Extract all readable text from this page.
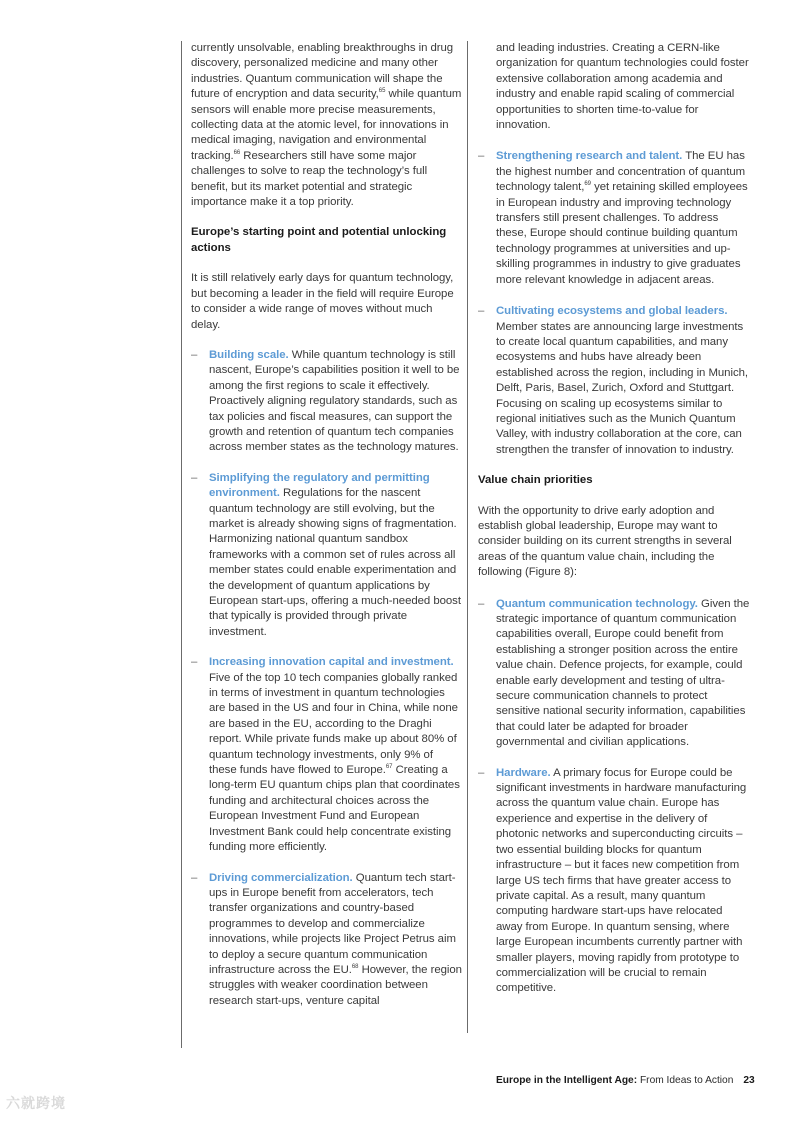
currently unsolvable, enabling breakthroughs in drug discovery, personalized medicine and many other industries. Quantum communication will shape the future of encryption and data security,$^{65}$ while quantum sensors will enable more precise measurements, collecting data at the atomic level, for innovations in medical imaging, navigation and environmental tracking.$^{66}$ Researchers still have some major challenges to solve to reap the technology’s full benefit, but its market potential and strategic importance make it a top priority.

Europe’s starting point and potential unlocking actions

It is still relatively early days for quantum technology, but becoming a leader in the field will require Europe to consider a wide range of moves without much delay.

– Building scale. While quantum technology is still nascent, Europe’s capabilities position it well to be among the first regions to scale it effectively. Proactively aligning regulatory standards, such as tax policies and fiscal measures, can support the growth and retention of quantum tech companies across member states as the technology matures.

– Simplifying the regulatory and permitting environment. Regulations for the nascent quantum technology are still evolving, but the market is already showing signs of fragmentation. Harmonizing national quantum sandbox frameworks with a common set of rules across all member states could enable experimentation and the development of quantum applications by European start-ups, offering a much-needed boost that typically is provided through private investment.

– Increasing innovation capital and investment. Five of the top 10 tech companies globally ranked in terms of investment in quantum technologies are based in the US and four in China, while none are based in the EU, according to the Draghi report. While private funds make up about 80% of quantum technology investments, only 9% of these funds have flowed to Europe.$^{67}$ Creating a long-term EU quantum chips plan that coordinates funding and architectural choices across the European Investment Fund and European Investment Bank could help concentrate existing funding more efficiently.

– Driving commercialization. Quantum tech start-ups in Europe benefit from accelerators, tech transfer organizations and country-based programmes to develop and commercialize innovations, while projects like Project Petrus aim to deploy a secure quantum communication infrastructure across the EU.$^{68}$ However, the region struggles with weaker coordination between research start-ups, venture capital

and leading industries. Creating a CERN-like organization for quantum technologies could foster extensive collaboration among academia and industry and enable rapid scaling of commercial opportunities to shorten time-to-value for innovation.

– Strengthening research and talent. The EU has the highest number and concentration of quantum technology talent,$^{69}$ yet retaining skilled employees in European industry and improving technology transfers still present challenges. To address these, Europe should continue building quantum technology programmes at universities and up-skilling programmes in industry to give graduates more relevant knowledge in adjacent areas.

– Cultivating ecosystems and global leaders. Member states are announcing large investments to create local quantum capabilities, and many ecosystems and hubs have already been established across the region, including in Munich, Delft, Paris, Basel, Zurich, Oxford and Stuttgart. Focusing on scaling up ecosystems similar to regional initiatives such as the Munich Quantum Valley, with industry collaboration at the core, can strengthen the transfer of innovation to industry.

Value chain priorities

With the opportunity to drive early adoption and establish global leadership, Europe may want to consider building on its current strengths in several areas of the quantum value chain, including the following (Figure 8):

– Quantum communication technology. Given the strategic importance of quantum communication capabilities overall, Europe could benefit from establishing a stronger position across the entire value chain. Defence projects, for example, could enable early development and testing of ultra-secure communication channels to protect sensitive national security information, capabilities that could later be adapted for broader governmental and civilian applications.

– Hardware. A primary focus for Europe could be significant investments in hardware manufacturing across the quantum value chain. Europe has experience and expertise in the delivery of photonic networks and superconducting circuits – two essential building blocks for quantum infrastructure – but it faces new competition from large US tech firms that have greater access to private capital. As a result, many quantum computing hardware start-ups have relocated away from Europe. In quantum sensing, where large European incumbents currently partner with smaller players, moving rapidly from prototype to commercialization will be crucial to remain competitive.

Europe in the Intelligent Age: From Ideas to Action 23
六就跨境
